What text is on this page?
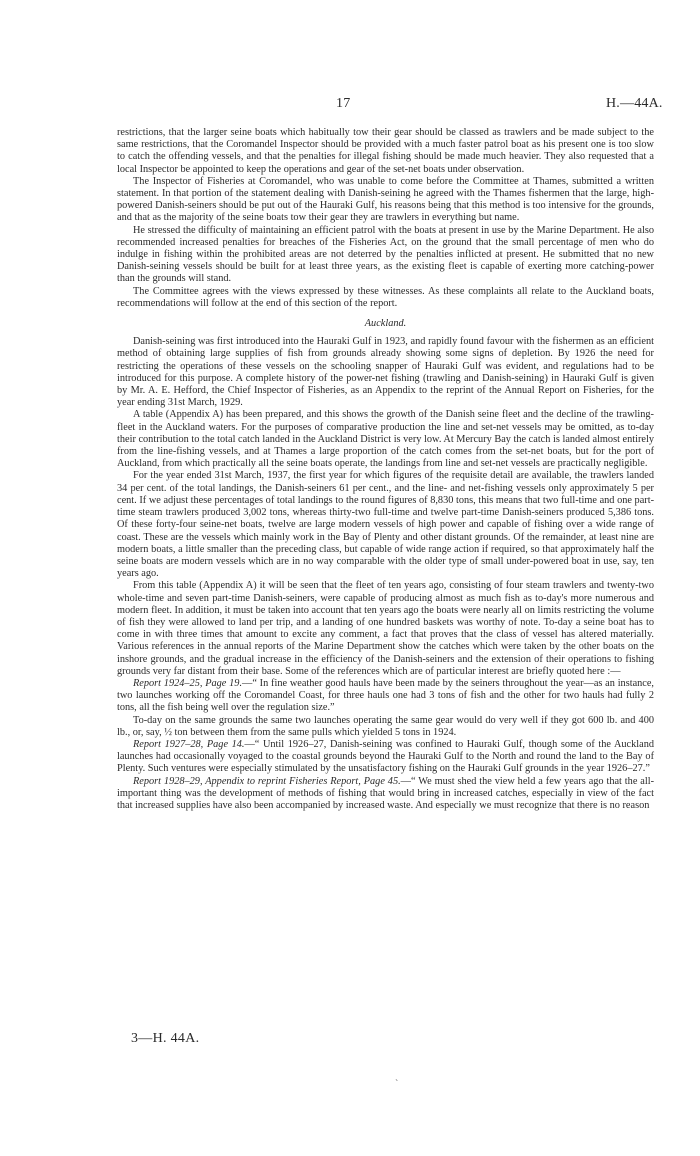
17	H.—44A.

restrictions, that the larger seine boats which habitually tow their gear should be classed as trawlers and be made subject to the same restrictions, that the Coromandel Inspector should be provided with a much faster patrol boat as his present one is too slow to catch the offending vessels, and that the penalties for illegal fishing should be made much heavier. They also requested that a local Inspector be appointed to keep the operations and gear of the set-net boats under observation.

The Inspector of Fisheries at Coromandel, who was unable to come before the Committee at Thames, submitted a written statement. In that portion of the statement dealing with Danish-seining he agreed with the Thames fishermen that the large, high-powered Danish-seiners should be put out of the Hauraki Gulf, his reasons being that this method is too intensive for the grounds, and that as the majority of the seine boats tow their gear they are trawlers in everything but name.

He stressed the difficulty of maintaining an efficient patrol with the boats at present in use by the Marine Department. He also recommended increased penalties for breaches of the Fisheries Act, on the ground that the small percentage of men who do indulge in fishing within the prohibited areas are not deterred by the penalties inflicted at present. He submitted that no new Danish-seining vessels should be built for at least three years, as the existing fleet is capable of exerting more catching-power than the grounds will stand.

The Committee agrees with the views expressed by these witnesses. As these complaints all relate to the Auckland boats, recommendations will follow at the end of this section of the report.

Auckland.

Danish-seining was first introduced into the Hauraki Gulf in 1923, and rapidly found favour with the fishermen as an efficient method of obtaining large supplies of fish from grounds already showing some signs of depletion. By 1926 the need for restricting the operations of these vessels on the schooling snapper of Hauraki Gulf was evident, and regulations had to be introduced for this purpose. A complete history of the power-net fishing (trawling and Danish-seining) in Hauraki Gulf is given by Mr. A. E. Hefford, the Chief Inspector of Fisheries, as an Appendix to the reprint of the Annual Report on Fisheries, for the year ending 31st March, 1929.

A table (Appendix A) has been prepared, and this shows the growth of the Danish seine fleet and the decline of the trawling-fleet in the Auckland waters. For the purposes of comparative production the line and set-net vessels may be omitted, as to-day their contribution to the total catch landed in the Auckland District is very low. At Mercury Bay the catch is landed almost entirely from the line-fishing vessels, and at Thames a large proportion of the catch comes from the set-net boats, but for the port of Auckland, from which practically all the seine boats operate, the landings from line and set-net vessels are practically negligible.

For the year ended 31st March, 1937, the first year for which figures of the requisite detail are available, the trawlers landed 34 per cent. of the total landings, the Danish-seiners 61 per cent., and the line- and net-fishing vessels only approximately 5 per cent. If we adjust these percentages of total landings to the round figures of 8,830 tons, this means that two full-time and one part-time steam trawlers produced 3,002 tons, whereas thirty-two full-time and twelve part-time Danish-seiners produced 5,386 tons. Of these forty-four seine-net boats, twelve are large modern vessels of high power and capable of fishing over a wide range of coast. These are the vessels which mainly work in the Bay of Plenty and other distant grounds. Of the remainder, at least nine are modern boats, a little smaller than the preceding class, but capable of wide range action if required, so that approximately half the seine boats are modern vessels which are in no way comparable with the older type of small under-powered boat in use, say, ten years ago.

From this table (Appendix A) it will be seen that the fleet of ten years ago, consisting of four steam trawlers and twenty-two whole-time and seven part-time Danish-seiners, were capable of producing almost as much fish as to-day's more numerous and modern fleet. In addition, it must be taken into account that ten years ago the boats were nearly all on limits restricting the volume of fish they were allowed to land per trip, and a landing of one hundred baskets was worthy of note. To-day a seine boat has to come in with three times that amount to excite any comment, a fact that proves that the class of vessel has altered materially. Various references in the annual reports of the Marine Department show the catches which were taken by the other boats on the inshore grounds, and the gradual increase in the efficiency of the Danish-seiners and the extension of their operations to fishing grounds very far distant from their base. Some of the references which are of particular interest are briefly quoted here :—

Report 1924–25, Page 19.—“ In fine weather good hauls have been made by the seiners throughout the year—as an instance, two launches working off the Coromandel Coast, for three hauls one had 3 tons of fish and the other for two hauls had fully 2 tons, all the fish being well over the regulation size.”

To-day on the same grounds the same two launches operating the same gear would do very well if they got 600 lb. and 400 lb., or, say, ½ ton between them from the same pulls which yielded 5 tons in 1924.

Report 1927–28, Page 14.—“ Until 1926–27, Danish-seining was confined to Hauraki Gulf, though some of the Auckland launches had occasionally voyaged to the coastal grounds beyond the Hauraki Gulf to the North and round the land to the Bay of Plenty. Such ventures were especially stimulated by the unsatisfactory fishing on the Hauraki Gulf grounds in the year 1926–27.”

Report 1928–29, Appendix to reprint Fisheries Report, Page 45.—“ We must shed the view held a few years ago that the all-important thing was the development of methods of fishing that would bring in increased catches, especially in view of the fact that increased supplies have also been accompanied by increased waste. And especially we must recognize that there is no reason

3—H. 44A.
`
